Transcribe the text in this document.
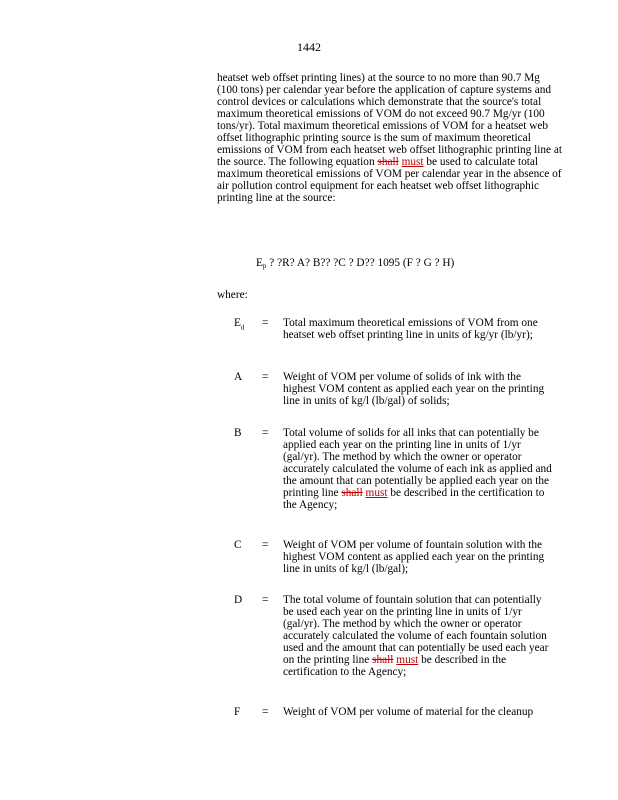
1442
heatset web offset printing lines) at the source to no more than 90.7 Mg (100 tons) per calendar year before the application of capture systems and control devices or calculations which demonstrate that the source's total maximum theoretical emissions of VOM do not exceed 90.7 Mg/yr (100 tons/yr). Total maximum theoretical emissions of VOM for a heatset web offset lithographic printing source is the sum of maximum theoretical emissions of VOM from each heatset web offset lithographic printing line at the source. The following equation shall must be used to calculate total maximum theoretical emissions of VOM per calendar year in the absence of air pollution control equipment for each heatset web offset lithographic printing line at the source:
$E_p$ ? ?R? A? B?? ?C ? D?? 1095 (F ? G ? H)
where:
$E_d$ = Total maximum theoretical emissions of VOM from one heatset web offset printing line in units of kg/yr (lb/yr);
A = Weight of VOM per volume of solids of ink with the highest VOM content as applied each year on the printing line in units of kg/l (lb/gal) of solids;
B = Total volume of solids for all inks that can potentially be applied each year on the printing line in units of 1/yr (gal/yr). The method by which the owner or operator accurately calculated the volume of each ink as applied and the amount that can potentially be applied each year on the printing line shall must be described in the certification to the Agency;
C = Weight of VOM per volume of fountain solution with the highest VOM content as applied each year on the printing line in units of kg/l (lb/gal);
D = The total volume of fountain solution that can potentially be used each year on the printing line in units of 1/yr (gal/yr). The method by which the owner or operator accurately calculated the volume of each fountain solution used and the amount that can potentially be used each year on the printing line shall must be described in the certification to the Agency;
F = Weight of VOM per volume of material for the cleanup
